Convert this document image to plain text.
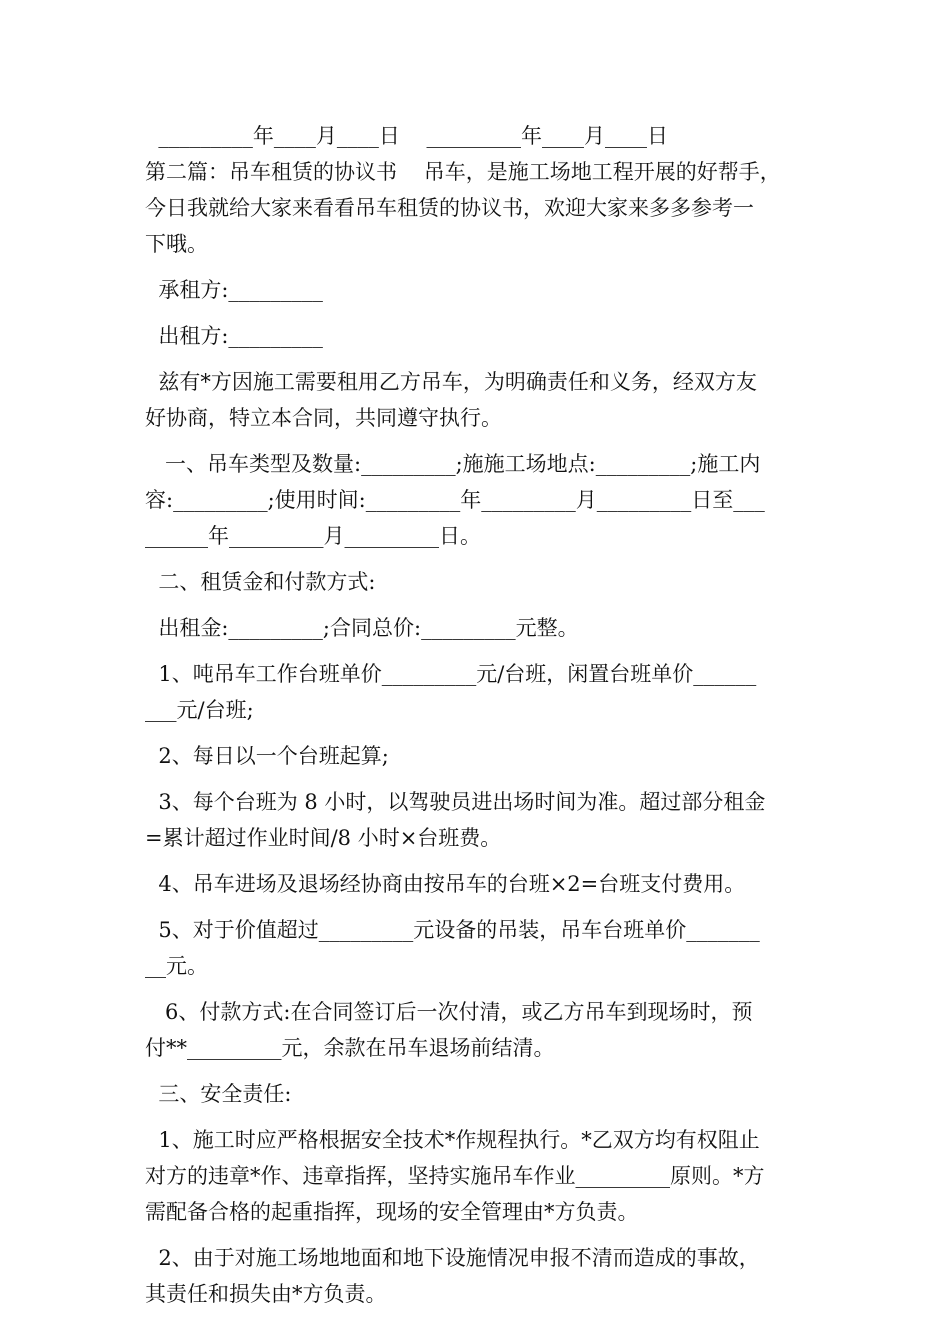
_________年____月____日    _________年____月____日
第二篇：吊车租赁的协议书    吊车，是施工场地工程开展的好帮手，
今日我就给大家来看看吊车租赁的协议书，欢迎大家来多多参考一
下哦。
承租方:_________
出租方:_________
兹有*方因施工需要租用乙方吊车，为明确责任和义务，经双方友
好协商，特立本合同，共同遵守执行。
一、吊车类型及数量:_________;施施工场地点:_________;施工内
容:_________;使用时间:_________年_________月_________日至___
______年_________月_________日。
二、租赁金和付款方式:
出租金:_________;合同总价:_________元整。
1、吨吊车工作台班单价_________元/台班，闲置台班单价______
___元/台班;
2、每日以一个台班起算;
3、每个台班为 8 小时，以驾驶员进出场时间为准。超过部分租金
=累计超过作业时间/8 小时×台班费。
4、吊车进场及退场经协商由按吊车的台班×2=台班支付费用。
5、对于价值超过_________元设备的吊装，吊车台班单价_______
__元。
6、付款方式:在合同签订后一次付清，或乙方吊车到现场时，预
付**_________元，余款在吊车退场前结清。
三、安全责任:
1、施工时应严格根据安全技术*作规程执行。*乙双方均有权阻止
对方的违章*作、违章指挥，坚持实施吊车作业_________原则。*方
需配备合格的起重指挥，现场的安全管理由*方负责。
2、由于对施工场地地面和地下设施情况申报不清而造成的事故，
其责任和损失由*方负责。
